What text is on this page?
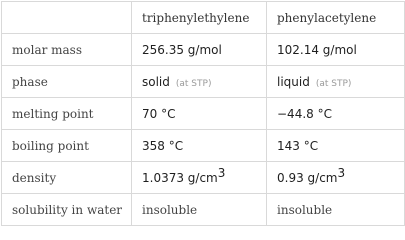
	triphenylethylene	phenylacetylene
molar mass	256.35 g/mol	102.14 g/mol
phase	solid (at STP)	liquid (at STP)
melting point	70 °C	−44.8 °C
boiling point	358 °C	143 °C
density	1.0373 $g/cm^3$	0.93 $g/cm^3$
solubility in water	insoluble	insoluble
